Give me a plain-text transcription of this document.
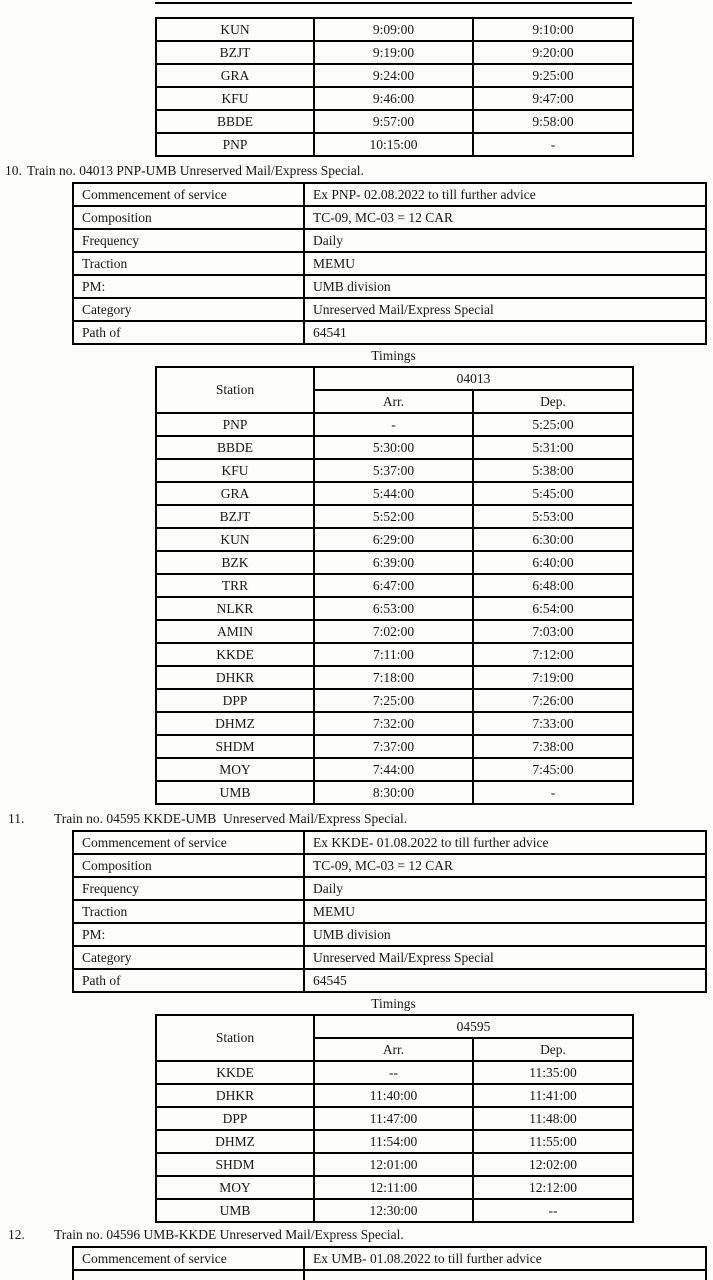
KUN	9:09:00	9:10:00
BZJT	9:19:00	9:20:00
GRA	9:24:00	9:25:00
KFU	9:46:00	9:47:00
BBDE	9:57:00	9:58:00
PNP	10:15:00	-
10. Train no. 04013 PNP-UMB Unreserved Mail/Express Special.
Commencement of service	Ex PNP- 02.08.2022 to till further advice
Composition	TC-09, MC-03 = 12 CAR
Frequency	Daily
Traction	MEMU
PM:	UMB division
Category	Unreserved Mail/Express Special
Path of	64541
Timings
Station	04013	
	Arr.	Dep.
PNP	-	5:25:00
BBDE	5:30:00	5:31:00
KFU	5:37:00	5:38:00
GRA	5:44:00	5:45:00
BZJT	5:52:00	5:53:00
KUN	6:29:00	6:30:00
BZK	6:39:00	6:40:00
TRR	6:47:00	6:48:00
NLKR	6:53:00	6:54:00
AMIN	7:02:00	7:03:00
KKDE	7:11:00	7:12:00
DHKR	7:18:00	7:19:00
DPP	7:25:00	7:26:00
DHMZ	7:32:00	7:33:00
SHDM	7:37:00	7:38:00
MOY	7:44:00	7:45:00
UMB	8:30:00	-
11. Train no. 04595 KKDE-UMB  Unreserved Mail/Express Special.
Commencement of service	Ex KKDE- 01.08.2022 to till further advice
Composition	TC-09, MC-03 = 12 CAR
Frequency	Daily
Traction	MEMU
PM:	UMB division
Category	Unreserved Mail/Express Special
Path of	64545
Timings
Station	04595	
	Arr.	Dep.
KKDE	--	11:35:00
DHKR	11:40:00	11:41:00
DPP	11:47:00	11:48:00
DHMZ	11:54:00	11:55:00
SHDM	12:01:00	12:02:00
MOY	12:11:00	12:12:00
UMB	12:30:00	--
12. Train no. 04596 UMB-KKDE Unreserved Mail/Express Special.
Commencement of service	Ex UMB- 01.08.2022 to till further advice
